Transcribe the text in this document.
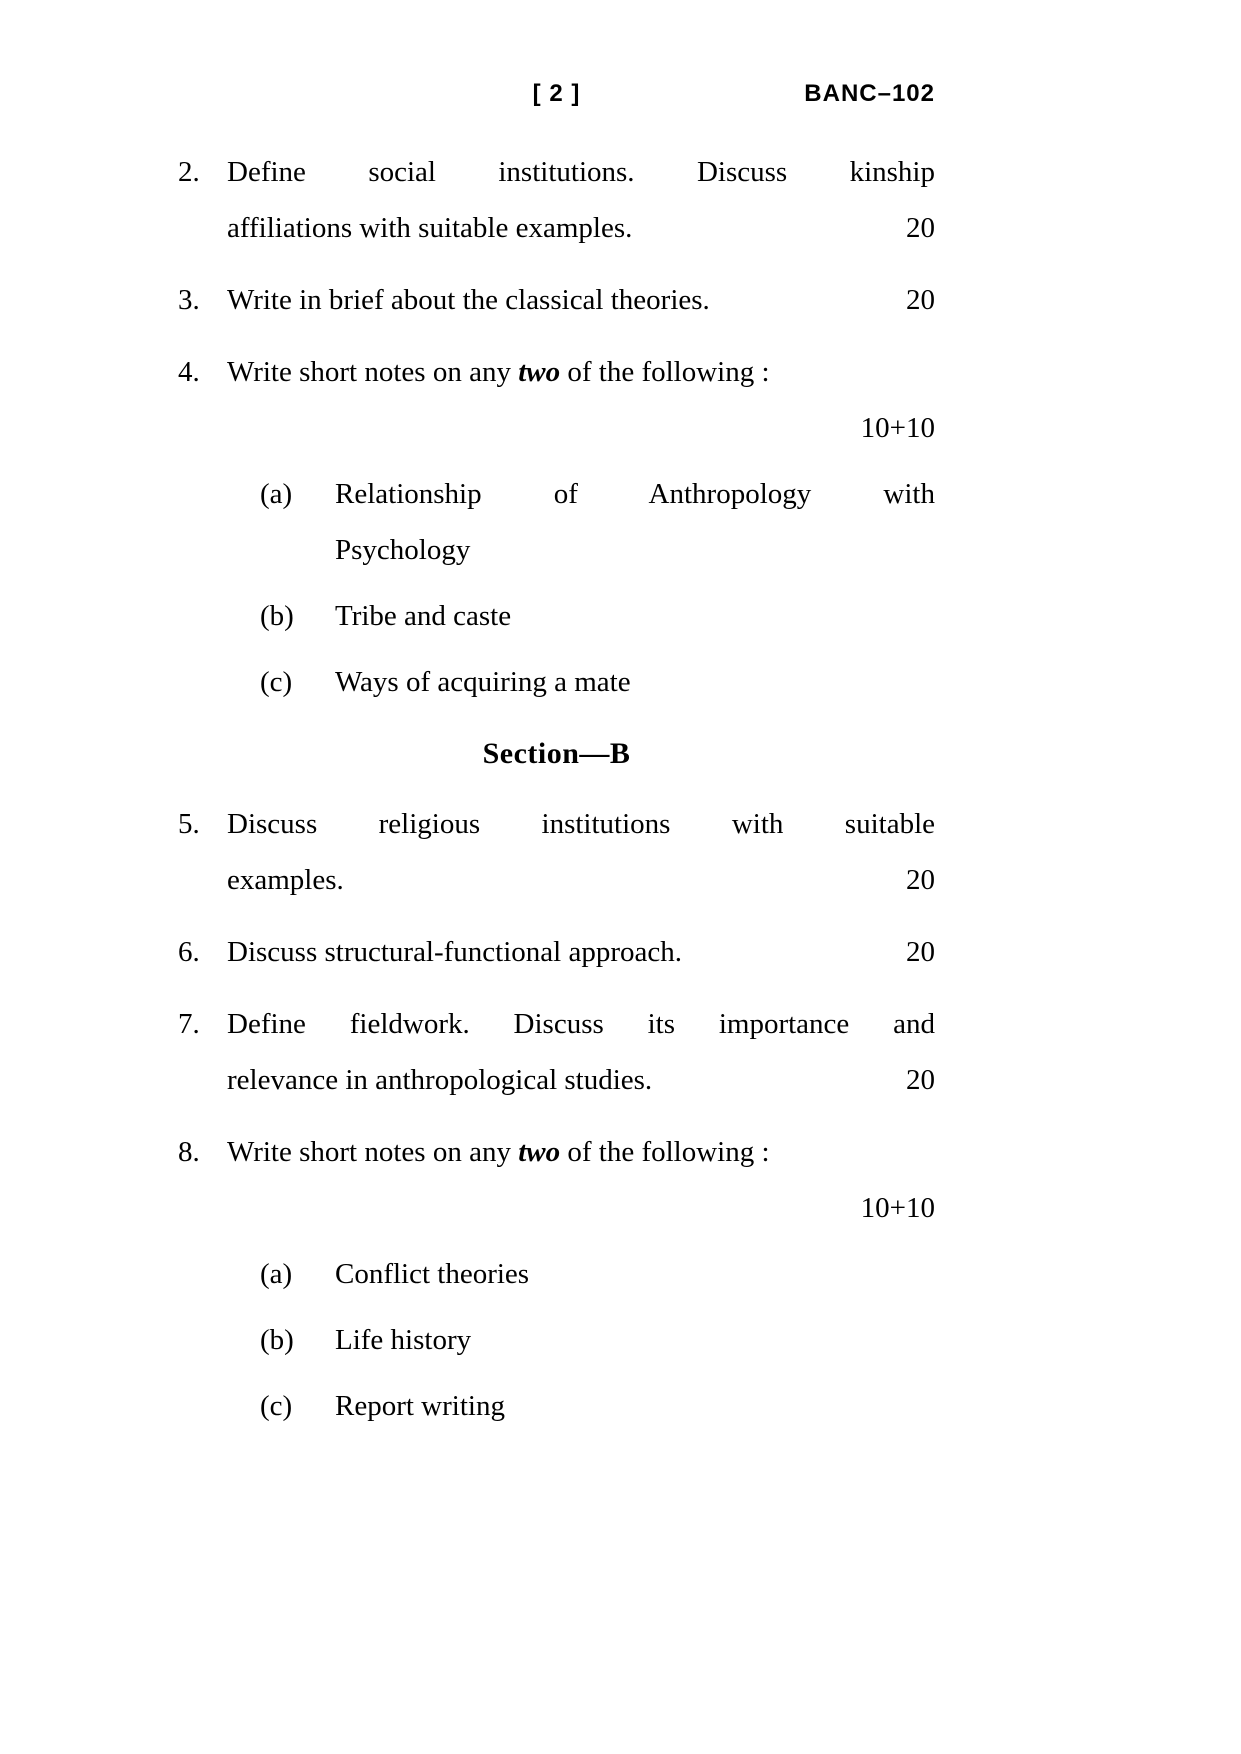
[ 2 ]	BANC–102
2. Define social institutions. Discuss kinship
affiliations with suitable examples.	20
3. Write in brief about the classical theories.	20
4. Write short notes on any two of the following :
10+10
(a)	Relationship of Anthropology with
Psychology
(b)	Tribe and caste
(c)	Ways of acquiring a mate
Section—B
5. Discuss religious institutions with suitable
examples.	20
6. Discuss structural-functional approach.	20
7. Define fieldwork. Discuss its importance and
relevance in anthropological studies.	20
8. Write short notes on any two of the following :
10+10
(a)	Conflict theories
(b)	Life history
(c)	Report writing
